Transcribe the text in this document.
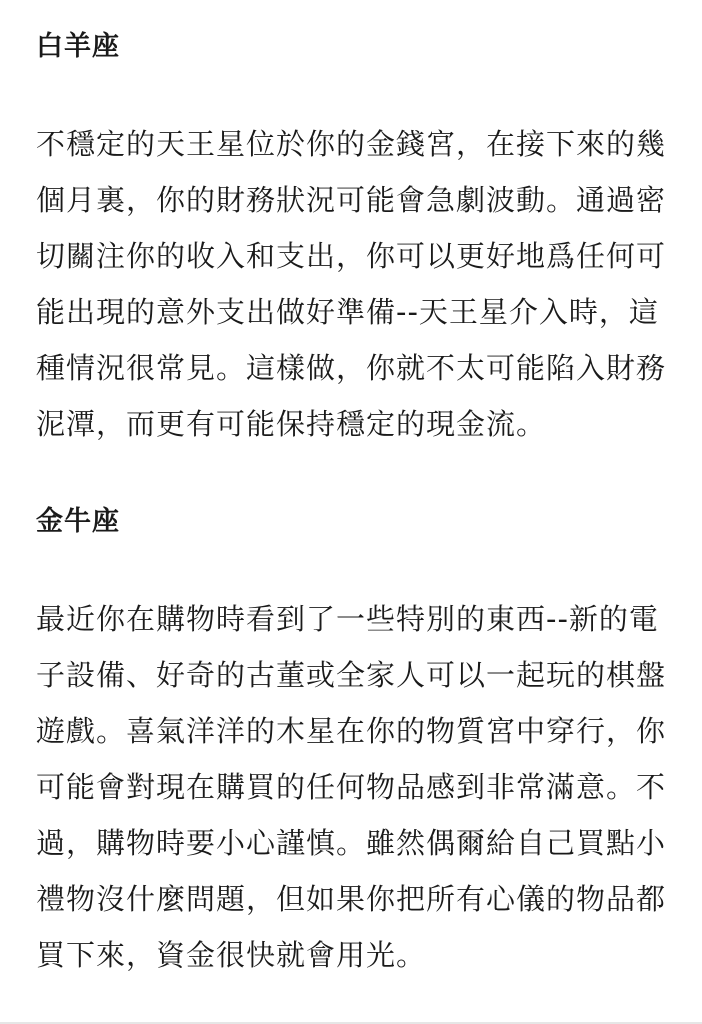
白羊座

不穩定的天王星位於你的金錢宮，在接下來的幾個月裏，你的財務狀況可能會急劇波動。通過密切關注你的收入和支出，你可以更好地爲任何可能出現的意外支出做好準備--天王星介入時，這種情況很常見。這樣做，你就不太可能陷入財務泥潭，而更有可能保持穩定的現金流。

金牛座

最近你在購物時看到了一些特別的東西--新的電子設備、好奇的古董或全家人可以一起玩的棋盤遊戲。喜氣洋洋的木星在你的物質宮中穿行，你可能會對現在購買的任何物品感到非常滿意。不過，購物時要小心謹慎。雖然偶爾給自己買點小禮物沒什麼問題，但如果你把所有心儀的物品都買下來，資金很快就會用光。
